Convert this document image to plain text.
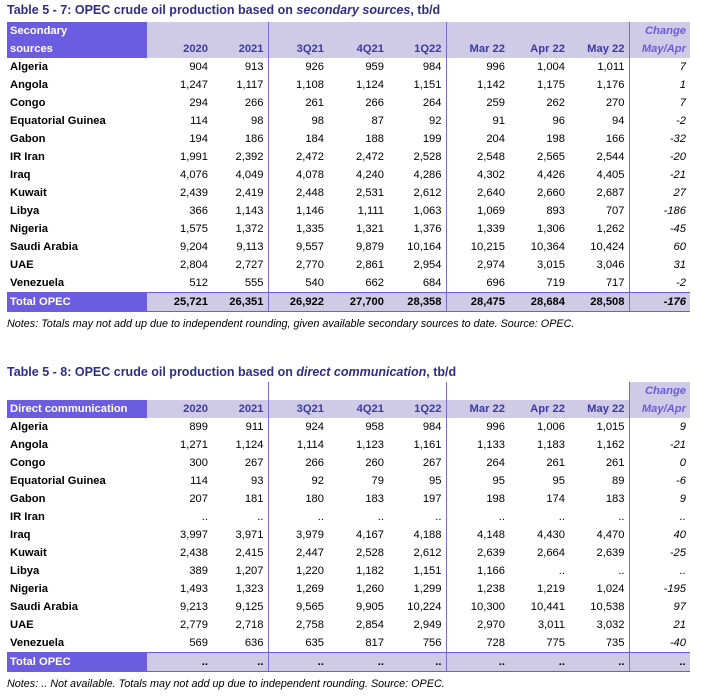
Table 5 - 7: OPEC crude oil production based on secondary sources, tb/d
Secondary									Change
sources	2020	2021	3Q21	4Q21	1Q22	Mar 22	Apr 22	May 22	May/Apr
Algeria	904	913	926	959	984	996	1,004	1,011	7
Angola	1,247	1,117	1,108	1,124	1,151	1,142	1,175	1,176	1
Congo	294	266	261	266	264	259	262	270	7
Equatorial Guinea	114	98	98	87	92	91	96	94	-2
Gabon	194	186	184	188	199	204	198	166	-32
IR Iran	1,991	2,392	2,472	2,472	2,528	2,548	2,565	2,544	-20
Iraq	4,076	4,049	4,078	4,240	4,286	4,302	4,426	4,405	-21
Kuwait	2,439	2,419	2,448	2,531	2,612	2,640	2,660	2,687	27
Libya	366	1,143	1,146	1,111	1,063	1,069	893	707	-186
Nigeria	1,575	1,372	1,335	1,321	1,376	1,339	1,306	1,262	-45
Saudi Arabia	9,204	9,113	9,557	9,879	10,164	10,215	10,364	10,424	60
UAE	2,804	2,727	2,770	2,861	2,954	2,974	3,015	3,046	31
Venezuela	512	555	540	662	684	696	719	717	-2
Total OPEC	25,721	26,351	26,922	27,700	28,358	28,475	28,684	28,508	-176
Notes: Totals may not add up due to independent rounding, given available secondary sources to date. Source: OPEC.
Table 5 - 8: OPEC crude oil production based on direct communication, tb/d
									Change
Direct communication	2020	2021	3Q21	4Q21	1Q22	Mar 22	Apr 22	May 22	May/Apr
Algeria	899	911	924	958	984	996	1,006	1,015	9
Angola	1,271	1,124	1,114	1,123	1,161	1,133	1,183	1,162	-21
Congo	300	267	266	260	267	264	261	261	0
Equatorial Guinea	114	93	92	79	95	95	95	89	-6
Gabon	207	181	180	183	197	198	174	183	9
IR Iran	..	..	..	..	..	..	..	..	..
Iraq	3,997	3,971	3,979	4,167	4,188	4,148	4,430	4,470	40
Kuwait	2,438	2,415	2,447	2,528	2,612	2,639	2,664	2,639	-25
Libya	389	1,207	1,220	1,182	1,151	1,166	..	..	..
Nigeria	1,493	1,323	1,269	1,260	1,299	1,238	1,219	1,024	-195
Saudi Arabia	9,213	9,125	9,565	9,905	10,224	10,300	10,441	10,538	97
UAE	2,779	2,718	2,758	2,854	2,949	2,970	3,011	3,032	21
Venezuela	569	636	635	817	756	728	775	735	-40
Total OPEC	..	..	..	..	..	..	..	..	..
Notes: .. Not available. Totals may not add up due to independent rounding. Source: OPEC.
